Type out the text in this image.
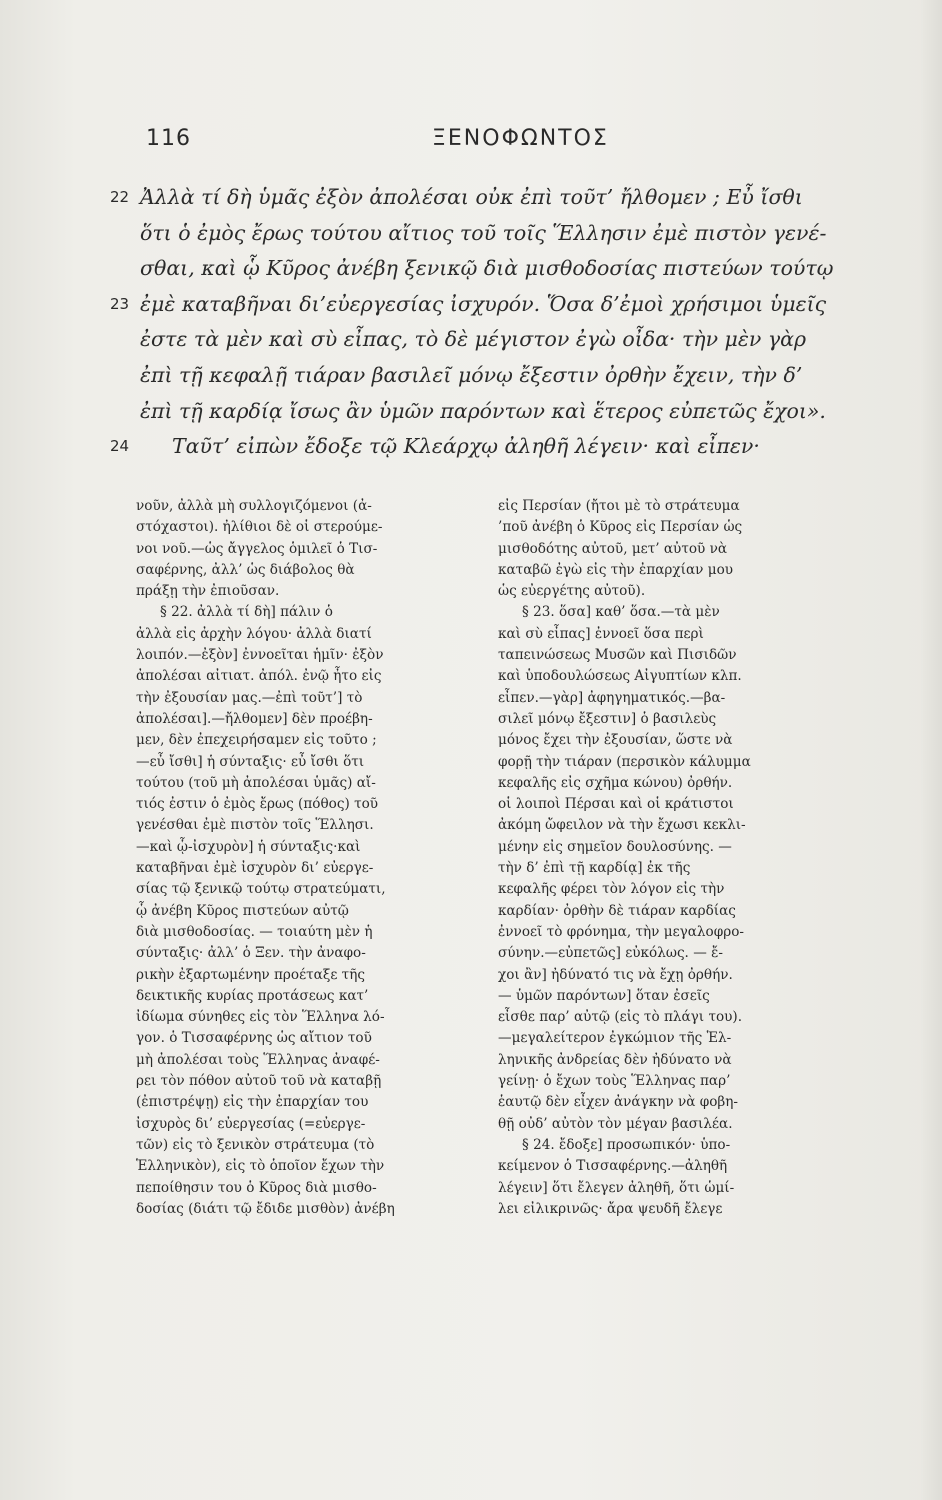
116	ΞΕΝΟΦΩΝΤΟΣ
22 Ἀλλὰ τί δὴ ὑμᾶς ἐξὸν ἀπολέσαι οὐκ ἐπὶ τοῦτ’ ἤλθομεν ; Εὖ ἴσθι
ὅτι ὁ ἐμὸς ἔρως τούτου αἴτιος τοῦ τοῖς Ἕλλησιν ἐμὲ πιστὸν γενέ-
σθαι, καὶ ᾧ Κῦρος ἀνέβη ξενικῷ διὰ μισθοδοσίας πιστεύων τούτῳ
23 ἐμὲ καταβῆναι δι’εὐεργεσίας ἰσχυρόν. Ὅσα δ’ἐμοὶ χρήσιμοι ὑμεῖς
ἐστε τὰ μὲν καὶ σὺ εἶπας, τὸ δὲ μέγιστον ἐγὼ οἶδα· τὴν μὲν γὰρ
ἐπὶ τῇ κεφαλῇ τιάραν βασιλεῖ μόνῳ ἔξεστιν ὀρθὴν ἔχειν, τὴν δ’
ἐπὶ τῇ καρδίᾳ ἴσως ἂν ὑμῶν παρόντων καὶ ἕτερος εὐπετῶς ἔχοι».
24	Ταῦτ’ εἰπὼν ἔδοξε τῷ Κλεάρχῳ ἀληθῆ λέγειν· καὶ εἶπεν·
νοῦν, ἀλλὰ μὴ συλλογιζόμενοι (ἀ-
στόχαστοι). ἠλίθιοι δὲ οἱ στερούμε-
νοι νοῦ.—ὡς ἄγγελος ὁμιλεῖ ὁ Τισ-
σαφέρνης, ἀλλ’ ὡς διάβολος θὰ
πράξῃ τὴν ἐπιοῦσαν.
§ 22. ἀλλὰ τί δὴ] πάλιν ὁ
ἀλλὰ εἰς ἀρχὴν λόγου· ἀλλὰ διατί
λοιπόν.—ἐξὸν] ἐννοεῖται ἡμῖν· ἐξὸν
ἀπολέσαι αἰτιατ. ἀπόλ. ἐνῷ ἦτο εἰς
τὴν ἐξουσίαν μας.—ἐπὶ τοῦτ’] τὸ
ἀπολέσαι].—ἤλθομεν] δὲν προέβη-
μεν, δὲν ἐπεχειρήσαμεν εἰς τοῦτο ;
—εὖ ἴσθι] ἡ σύνταξις· εὖ ἴσθι ὅτι
τούτου (τοῦ μὴ ἀπολέσαι ὑμᾶς) αἴ-
τιός ἐστιν ὁ ἐμὸς ἔρως (πόθος) τοῦ
γενέσθαι ἐμὲ πιστὸν τοῖς Ἕλλησι.
—καὶ ᾧ-ἰσχυρὸν] ἡ σύνταξις·καὶ
καταβῆναι ἐμὲ ἰσχυρὸν δι’ εὐεργε-
σίας τῷ ξενικῷ τούτῳ στρατεύματι,
ᾧ ἀνέβη Κῦρος πιστεύων αὐτῷ
διὰ μισθοδοσίας. — τοιαύτη μὲν ἡ
σύνταξις· ἀλλ’ ὁ Ξεν. τὴν ἀναφο-
ρικὴν ἐξαρτωμένην προέταξε τῆς
δεικτικῆς κυρίας προτάσεως κατ’
ἰδίωμα σύνηθες εἰς τὸν Ἕλληνα λό-
γον. ὁ Τισσαφέρνης ὡς αἴτιον τοῦ
μὴ ἀπολέσαι τοὺς Ἕλληνας ἀναφέ-
ρει τὸν πόθον αὐτοῦ τοῦ νὰ καταβῇ
(ἐπιστρέψῃ) εἰς τὴν ἐπαρχίαν του
ἰσχυρὸς δι’ εὐεργεσίας (=εὐεργε-
τῶν) εἰς τὸ ξενικὸν στράτευμα (τὸ
Ἑλληνικὸν), εἰς τὸ ὁποῖον ἔχων τὴν
πεποίθησιν του ὁ Κῦρος διὰ μισθο-
δοσίας (διάτι τῷ ἔδιδε μισθὸν) ἀνέβη
εἰς Περσίαν (ἤτοι μὲ τὸ στράτευμα
’ποῦ ἀνέβη ὁ Κῦρος εἰς Περσίαν ὡς
μισθοδότης αὐτοῦ, μετ’ αὐτοῦ νὰ
καταβῶ ἐγὼ εἰς τὴν ἐπαρχίαν μου
ὡς εὐεργέτης αὐτοῦ).
§ 23. ὅσα] καθ’ ὅσα.—τὰ μὲν
καὶ σὺ εἶπας] ἐννοεῖ ὅσα περὶ
ταπεινώσεως Μυσῶν καὶ Πισιδῶν
καὶ ὑποδουλώσεως Αἰγυπτίων κλπ.
εἶπεν.—γὰρ] ἀφηγηματικός.—βα-
σιλεῖ μόνῳ ἔξεστιν] ὁ βασιλεὺς
μόνος ἔχει τὴν ἐξουσίαν, ὥστε νὰ
φορῇ τὴν τιάραν (περσικὸν κάλυμμα
κεφαλῆς εἰς σχῆμα κώνου) ὀρθήν.
οἱ λοιποὶ Πέρσαι καὶ οἱ κράτιστοι
ἀκόμη ὤφειλον νὰ τὴν ἔχωσι κεκλι-
μένην εἰς σημεῖον δουλοσύνης. —
τὴν δ’ ἐπὶ τῇ καρδίᾳ] ἐκ τῆς
κεφαλῆς φέρει τὸν λόγον εἰς τὴν
καρδίαν· ὀρθὴν δὲ τιάραν καρδίας
ἐννοεῖ τὸ φρόνημα, τὴν μεγαλοφρο-
σύνην.—εὐπετῶς] εὐκόλως. — ἔ-
χοι ἂν] ἠδύνατό τις νὰ ἔχῃ ὀρθήν.
— ὑμῶν παρόντων] ὅταν ἐσεῖς
εἶσθε παρ’ αὐτῷ (εἰς τὸ πλάγι του).
—μεγαλείτερον ἐγκώμιον τῆς Ἑλ-
ληνικῆς ἀνδρείας δὲν ἠδύνατο νὰ
γείνῃ· ὁ ἔχων τοὺς Ἕλληνας παρ’
ἑαυτῷ δὲν εἶχεν ἀνάγκην νὰ φοβη-
θῇ οὐδ’ αὐτὸν τὸν μέγαν βασιλέα.
§ 24. ἔδοξε] προσωπικόν· ὑπο-
κείμενον ὁ Τισσαφέρνης.—ἀληθῆ
λέγειν] ὅτι ἔλεγεν ἀληθῆ, ὅτι ὡμί-
λει εἰλικρινῶς· ἄρα ψευδῆ ἔλεγε
